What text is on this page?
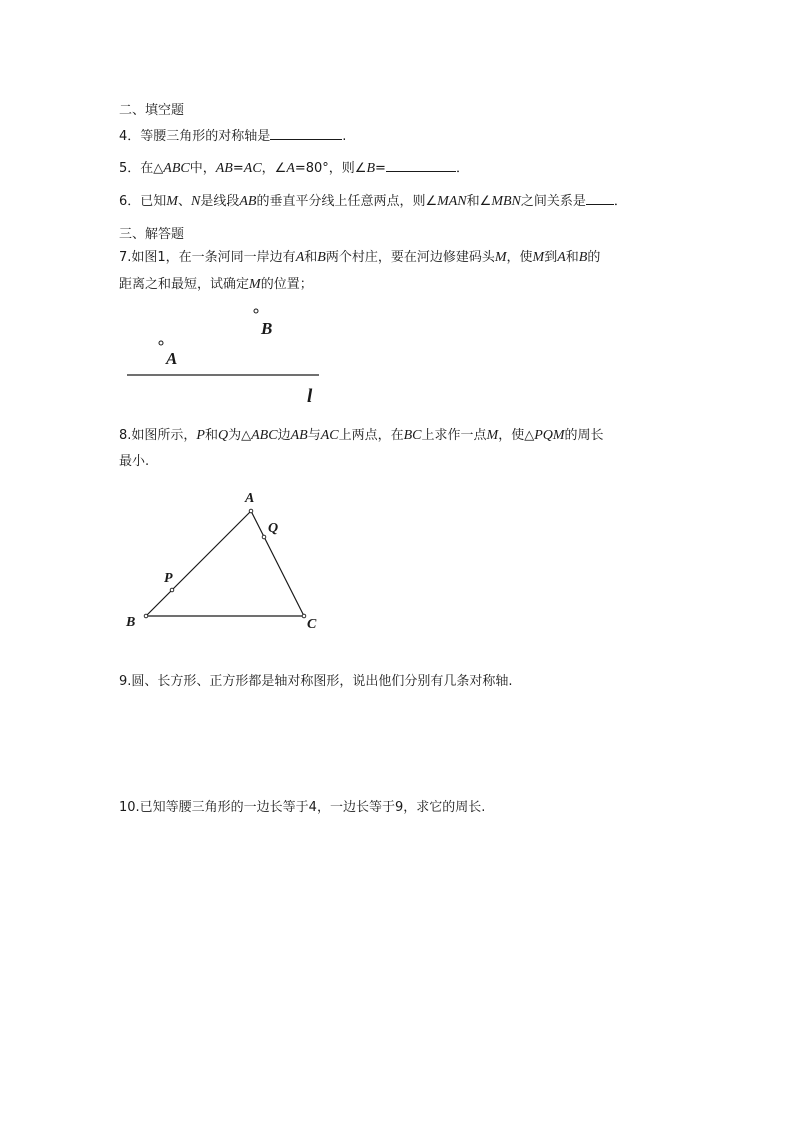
二、填空题
4．等腰三角形的对称轴是	.
5．在△ABC中，AB=AC，∠A=80°，则∠B=	．
6．已知M、N是线段AB的垂直平分线上任意两点，则∠MAN和∠MBN之间关系是 ．
三、解答题
7.如图1，在一条河同一岸边有A和B两个村庄，要在河边修建码头M，使M到A和B的
距离之和最短，试确定M的位置；
B
A
l
8.如图所示，P和Q为△ABC边AB与AC上两点，在BC上求作一点M，使△PQM的周长
最小.
A
Q
P
B	C
9.圆、长方形、正方形都是轴对称图形，说出他们分别有几条对称轴.
10.已知等腰三角形的一边长等于4，一边长等于9，求它的周长.
